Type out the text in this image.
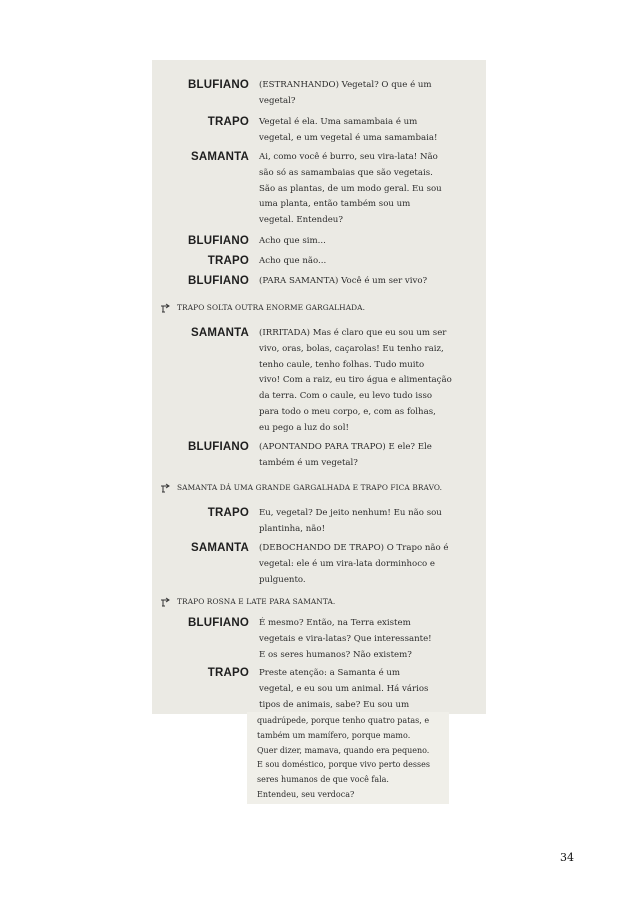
BLUFIANO (ESTRANHANDO) Vegetal? O que é um
vegetal?
TRAPO Vegetal é ela. Uma samambaia é um
vegetal, e um vegetal é uma samambaia!
SAMANTA Ai, como você é burro, seu vira-lata! Não
são só as samambaias que são vegetais.
São as plantas, de um modo geral. Eu sou
uma planta, então também sou um
vegetal. Entendeu?
BLUFIANO Acho que sim...
TRAPO Acho que não...
BLUFIANO (PARA SAMANTA) Você é um ser vivo?
TRAPO SOLTA OUTRA ENORME GARGALHADA.
SAMANTA (IRRITADA) Mas é claro que eu sou um ser
vivo, oras, bolas, caçarolas! Eu tenho raiz,
tenho caule, tenho folhas. Tudo muito
vivo! Com a raiz, eu tiro água e alimentação
da terra. Com o caule, eu levo tudo isso
para todo o meu corpo, e, com as folhas,
eu pego a luz do sol!
BLUFIANO (APONTANDO PARA TRAPO) E ele? Ele
também é um vegetal?
SAMANTA DÁ UMA GRANDE GARGALHADA E TRAPO FICA BRAVO.
TRAPO Eu, vegetal? De jeito nenhum! Eu não sou
plantinha, não!
SAMANTA (DEBOCHANDO DE TRAPO) O Trapo não é
vegetal: ele é um vira-lata dorminhoco e
pulguento.
TRAPO ROSNA E LATE PARA SAMANTA.
BLUFIANO É mesmo? Então, na Terra existem
vegetais e vira-latas? Que interessante!
E os seres humanos? Não existem?
TRAPO Preste atenção: a Samanta é um
vegetal, e eu sou um animal. Há vários
tipos de animais, sabe? Eu sou um
quadrúpede, porque tenho quatro patas, e
também um mamífero, porque mamo.
Quer dizer, mamava, quando era pequeno.
E sou doméstico, porque vivo perto desses
seres humanos de que você fala.
Entendeu, seu verdoca?
34
